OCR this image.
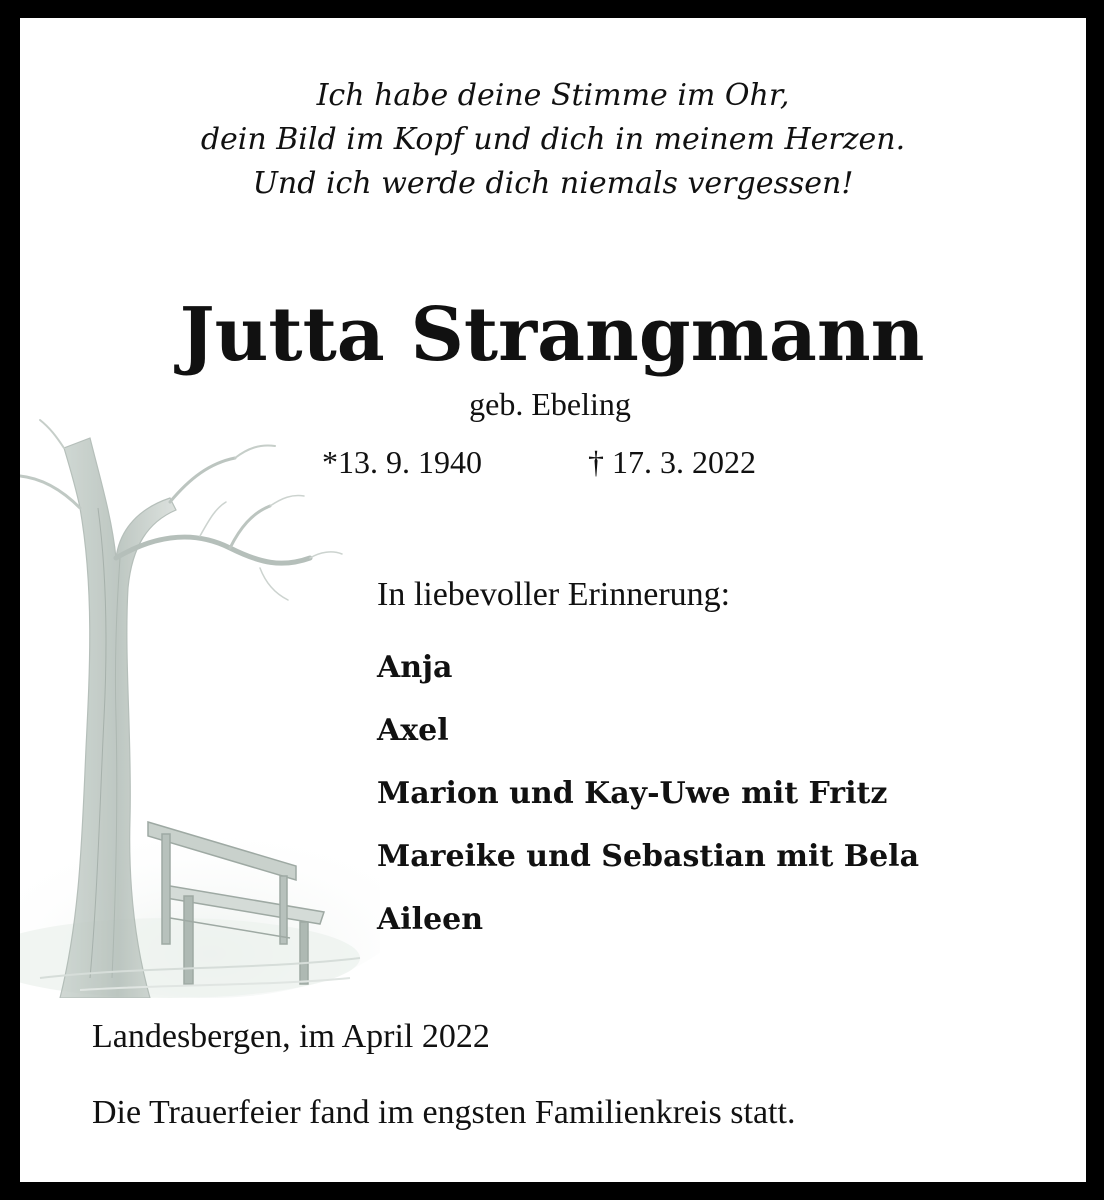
Ich habe deine Stimme im Ohr,
dein Bild im Kopf und dich in meinem Herzen.
Und ich werde dich niemals vergessen!
Jutta Strangmann
geb. Ebeling
*13. 9. 1940	† 17. 3. 2022
In liebevoller Erinnerung:
Anja
Axel
Marion und Kay-Uwe mit Fritz
Mareike und Sebastian mit Bela
Aileen
Landesbergen, im April 2022
Die Trauerfeier fand im engsten Familienkreis statt.
